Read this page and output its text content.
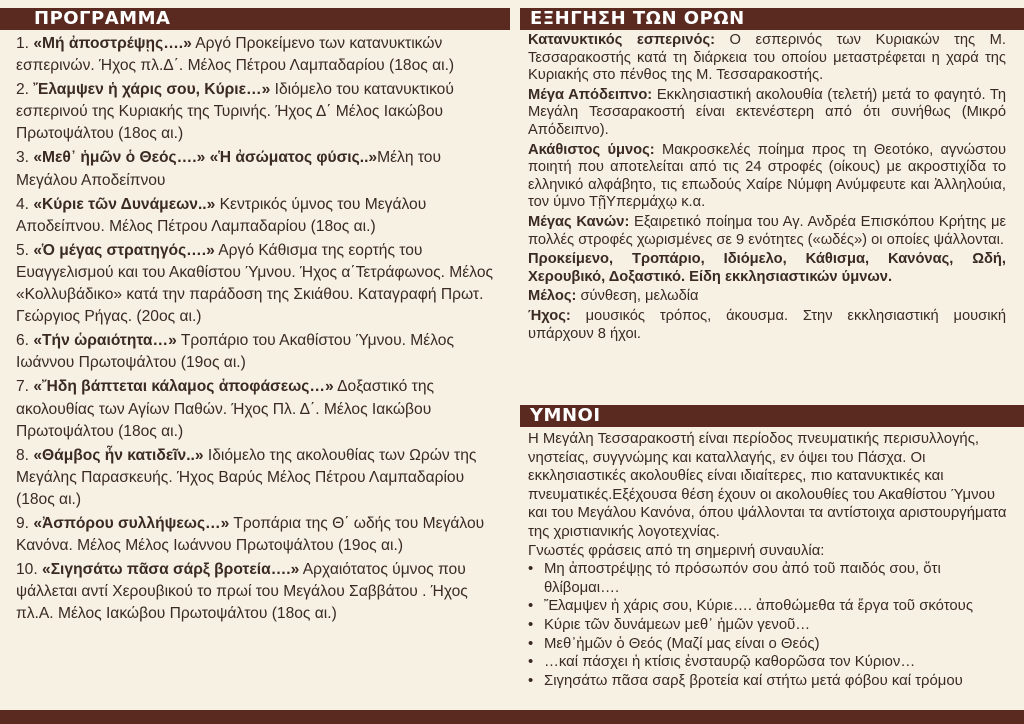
ΠΡΟΓΡΑΜΜΑ	ΕΞΗΓΗΣΗ ΤΩΝ ΟΡΩΝ
1. «Μή ἀποστρέψῃς….» Αργό Προκείμενο των κατανυκτικών εσπερινών. Ήχος πλ.Δ΄. Μέλος Πέτρου Λαμπαδαρίου (18ος αι.)
2. Ἔλαμψεν ἡ χάρις σου, Κύριε…» Ιδιόμελο του κατανυκτικού εσπερινού της Κυριακής της Τυρινής. Ήχος Δ΄ Μέλος Ιακώβου Πρωτοψάλτου (18ος αι.)
3. «Μεθ᾽ ἡμῶν ὁ Θεός….» «Ἡ ἀσώματος φύσις..»Μέλη του Μεγάλου Αποδείπνου
4. «Κύριε τῶν Δυνάμεων..» Κεντρικός ύμνος του Μεγάλου Αποδείπνου. Μέλος Πέτρου Λαμπαδαρίου (18ος αι.)
5. «Ὁ μέγας στρατηγός….» Αργό Κάθισμα της εορτής του Ευαγγελισμού και του Ακαθίστου Ύμνου. Ήχος α΄Τετράφωνος. Μέλος «Κολλυβάδικο» κατά την παράδοση της Σκιάθου. Καταγραφή Πρωτ. Γεώργιος Ρήγας. (20ος αι.)
6. «Τήν ὡραιότητα…» Τροπάριο του Ακαθίστου Ύμνου. Μέλος Ιωάννου Πρωτοψάλτου (19ος αι.)
7. «Ἤδη βάπτεται κάλαμος ἀποφάσεως…» Δοξαστικό της ακολουθίας των Αγίων Παθών. Ήχος Πλ. Δ΄. Μέλος Ιακώβου Πρωτοψάλτου (18ος αι.)
8. «Θάμβος ἦν κατιδεῖν..» Ιδιόμελο της ακολουθίας των Ωρών της Μεγάλης Παρασκευής. Ήχος Βαρύς Μέλος Πέτρου Λαμπαδαρίου (18ος αι.)
9. «Ἀσπόρου συλλήψεως…» Τροπάρια της Θ΄ ωδής του Μεγάλου Κανόνα. Μέλος Μέλος Ιωάννου Πρωτοψάλτου (19ος αι.)
10. «Σιγησάτω πᾶσα σάρξ βροτεία….» Αρχαιότατος ύμνος που ψάλλεται αντί Χερουβικού το πρωί του Μεγάλου Σαββάτου . Ήχος πλ.Α. Μέλος Ιακώβου Πρωτοψάλτου (18ος αι.)
Κατανυκτικός εσπερινός: Ο εσπερινός των Κυριακών της Μ. Τεσσαρακοστής κατά τη διάρκεια του οποίου μεταστρέφεται η χαρά της Κυριακής στο πένθος της Μ. Τεσσαρακοστής.
Μέγα Απόδειπνο: Εκκλησιαστική ακολουθία (τελετή) μετά το φαγητό. Τη Μεγάλη Τεσσαρακοστή είναι εκτενέστερη από ότι συνήθως (Μικρό Απόδειπνο).
Ακάθιστος ύμνος: Μακροσκελές ποίημα προς τη Θεοτόκο, αγνώστου ποιητή που αποτελείται από τις 24 στροφές (οίκους) με ακροστιχίδα το ελληνικό αλφάβητο, τις επωδούς Χαίρε Νύμφη Ανύμφευτε και Ἀλληλούια, τον ύμνο ΤῇΥπερμάχῳ κ.α.
Μέγας Κανών: Εξαιρετικό ποίημα του Αγ. Ανδρέα Επισκόπου Κρήτης με πολλές στροφές χωρισμένες σε 9 ενότητες («ωδές») οι οποίες ψάλλονται.
Προκείμενο, Τροπάριο, Ιδιόμελο, Κάθισμα, Κανόνας, Ωδή, Χερουβικό, Δοξαστικό. Είδη εκκλησιαστικών ύμνων.
Μέλος: σύνθεση, μελωδία
Ήχος: μουσικός τρόπος, άκουσμα. Στην εκκλησιαστική μουσική υπάρχουν 8 ήχοι.
ΥΜΝΟΙ

Η Μεγάλη Τεσσαρακοστή είναι περίοδος πνευματικής περισυλλογής, νηστείας, συγγνώμης και καταλλαγής, εν όψει του Πάσχα. Οι εκκλησιαστικές ακολουθίες είναι ιδιαίτερες, πιο κατανυκτικές και πνευματικές.Εξέχουσα θέση έχουν οι ακολουθίες του Ακαθίστου Ύμνου και του Μεγάλου Κανόνα, όπου ψάλλονται τα αντίστοιχα αριστουργήματα της χριστιανικής λογοτεχνίας.

Γνωστές φράσεις από τη σημερινή συναυλία:

• Μη ἀποστρέψῃς τό πρόσωπόν σου ἀπό τοῦ παιδός σου, ὅτι θλίβομαι….
• Ἔλαμψεν ἡ χάρις σου, Κύριε…. ἀποθώμεθα τά ἔργα τοῦ σκότους
• Κύριε τῶν δυνάμεων μεθ᾽ ἡμῶν γενοῦ…
• Μεθ᾽ἡμῶν ὁ Θεός (Μαζί μας είναι ο Θεός)
• …καί πάσχει ἡ κτίσις ἐνσταυρῷ καθορῶσα τον Κύριον…
• Σιγησάτω πᾶσα σαρξ βροτεία καί στήτω μετά φόβου καί τρόμου
